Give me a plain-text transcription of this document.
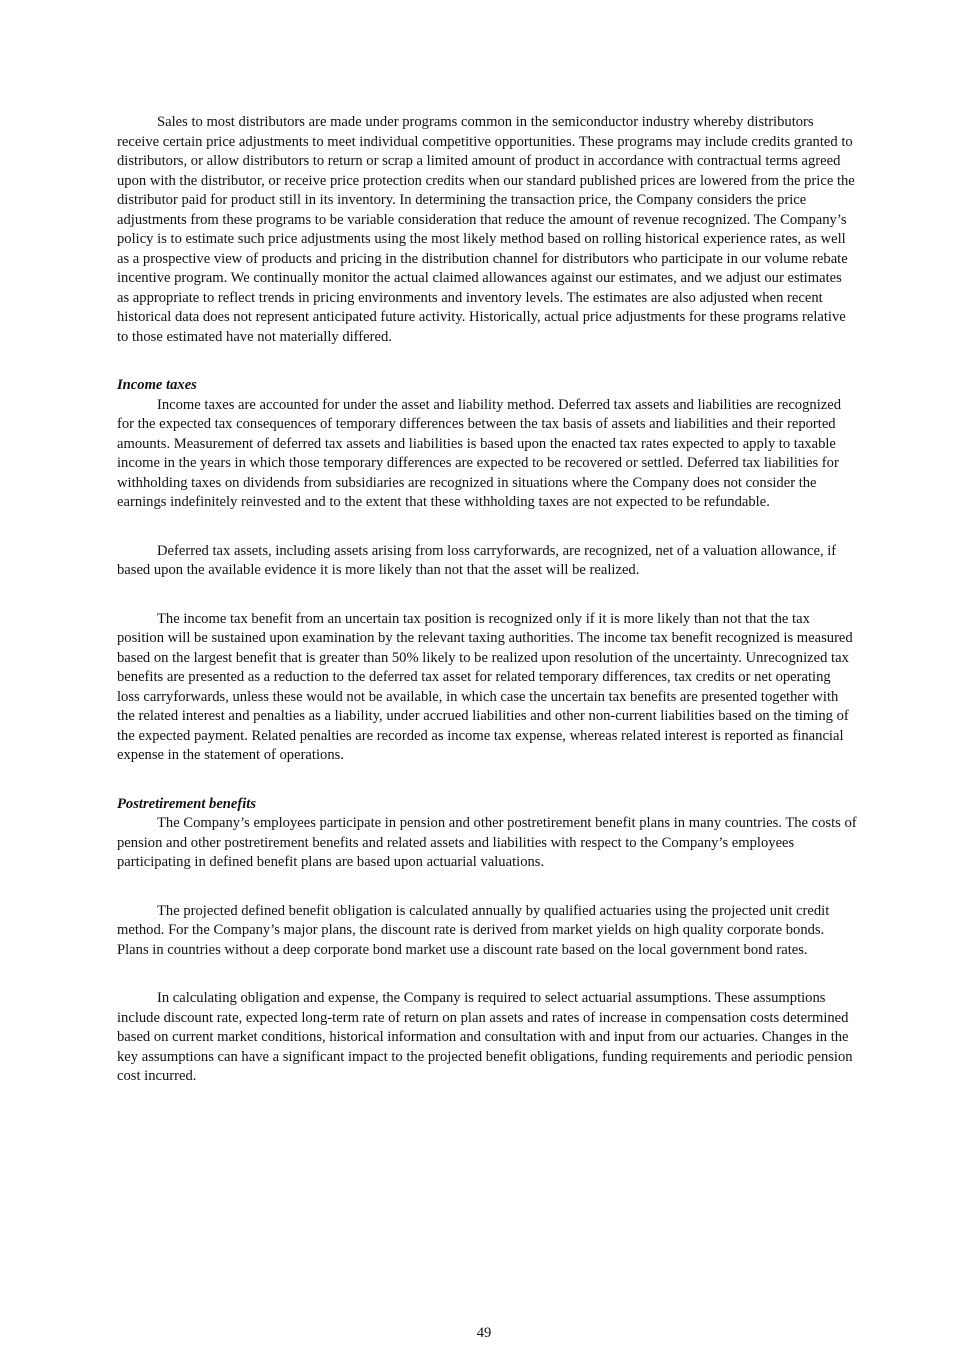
Sales to most distributors are made under programs common in the semiconductor industry whereby distributors receive certain price adjustments to meet individual competitive opportunities. These programs may include credits granted to distributors, or allow distributors to return or scrap a limited amount of product in accordance with contractual terms agreed upon with the distributor, or receive price protection credits when our standard published prices are lowered from the price the distributor paid for product still in its inventory. In determining the transaction price, the Company considers the price adjustments from these programs to be variable consideration that reduce the amount of revenue recognized. The Company’s policy is to estimate such price adjustments using the most likely method based on rolling historical experience rates, as well as a prospective view of products and pricing in the distribution channel for distributors who participate in our volume rebate incentive program. We continually monitor the actual claimed allowances against our estimates, and we adjust our estimates as appropriate to reflect trends in pricing environments and inventory levels. The estimates are also adjusted when recent historical data does not represent anticipated future activity. Historically, actual price adjustments for these programs relative to those estimated have not materially differed.

Income taxes

Income taxes are accounted for under the asset and liability method. Deferred tax assets and liabilities are recognized for the expected tax consequences of temporary differences between the tax basis of assets and liabilities and their reported amounts. Measurement of deferred tax assets and liabilities is based upon the enacted tax rates expected to apply to taxable income in the years in which those temporary differences are expected to be recovered or settled. Deferred tax liabilities for withholding taxes on dividends from subsidiaries are recognized in situations where the Company does not consider the earnings indefinitely reinvested and to the extent that these withholding taxes are not expected to be refundable.

Deferred tax assets, including assets arising from loss carryforwards, are recognized, net of a valuation allowance, if based upon the available evidence it is more likely than not that the asset will be realized.

The income tax benefit from an uncertain tax position is recognized only if it is more likely than not that the tax position will be sustained upon examination by the relevant taxing authorities. The income tax benefit recognized is measured based on the largest benefit that is greater than 50% likely to be realized upon resolution of the uncertainty. Unrecognized tax benefits are presented as a reduction to the deferred tax asset for related temporary differences, tax credits or net operating loss carryforwards, unless these would not be available, in which case the uncertain tax benefits are presented together with the related interest and penalties as a liability, under accrued liabilities and other non-current liabilities based on the timing of the expected payment. Related penalties are recorded as income tax expense, whereas related interest is reported as financial expense in the statement of operations.

Postretirement benefits

The Company’s employees participate in pension and other postretirement benefit plans in many countries. The costs of pension and other postretirement benefits and related assets and liabilities with respect to the Company’s employees participating in defined benefit plans are based upon actuarial valuations.

The projected defined benefit obligation is calculated annually by qualified actuaries using the projected unit credit method. For the Company’s major plans, the discount rate is derived from market yields on high quality corporate bonds. Plans in countries without a deep corporate bond market use a discount rate based on the local government bond rates.

In calculating obligation and expense, the Company is required to select actuarial assumptions. These assumptions include discount rate, expected long-term rate of return on plan assets and rates of increase in compensation costs determined based on current market conditions, historical information and consultation with and input from our actuaries. Changes in the key assumptions can have a significant impact to the projected benefit obligations, funding requirements and periodic pension cost incurred.

49
